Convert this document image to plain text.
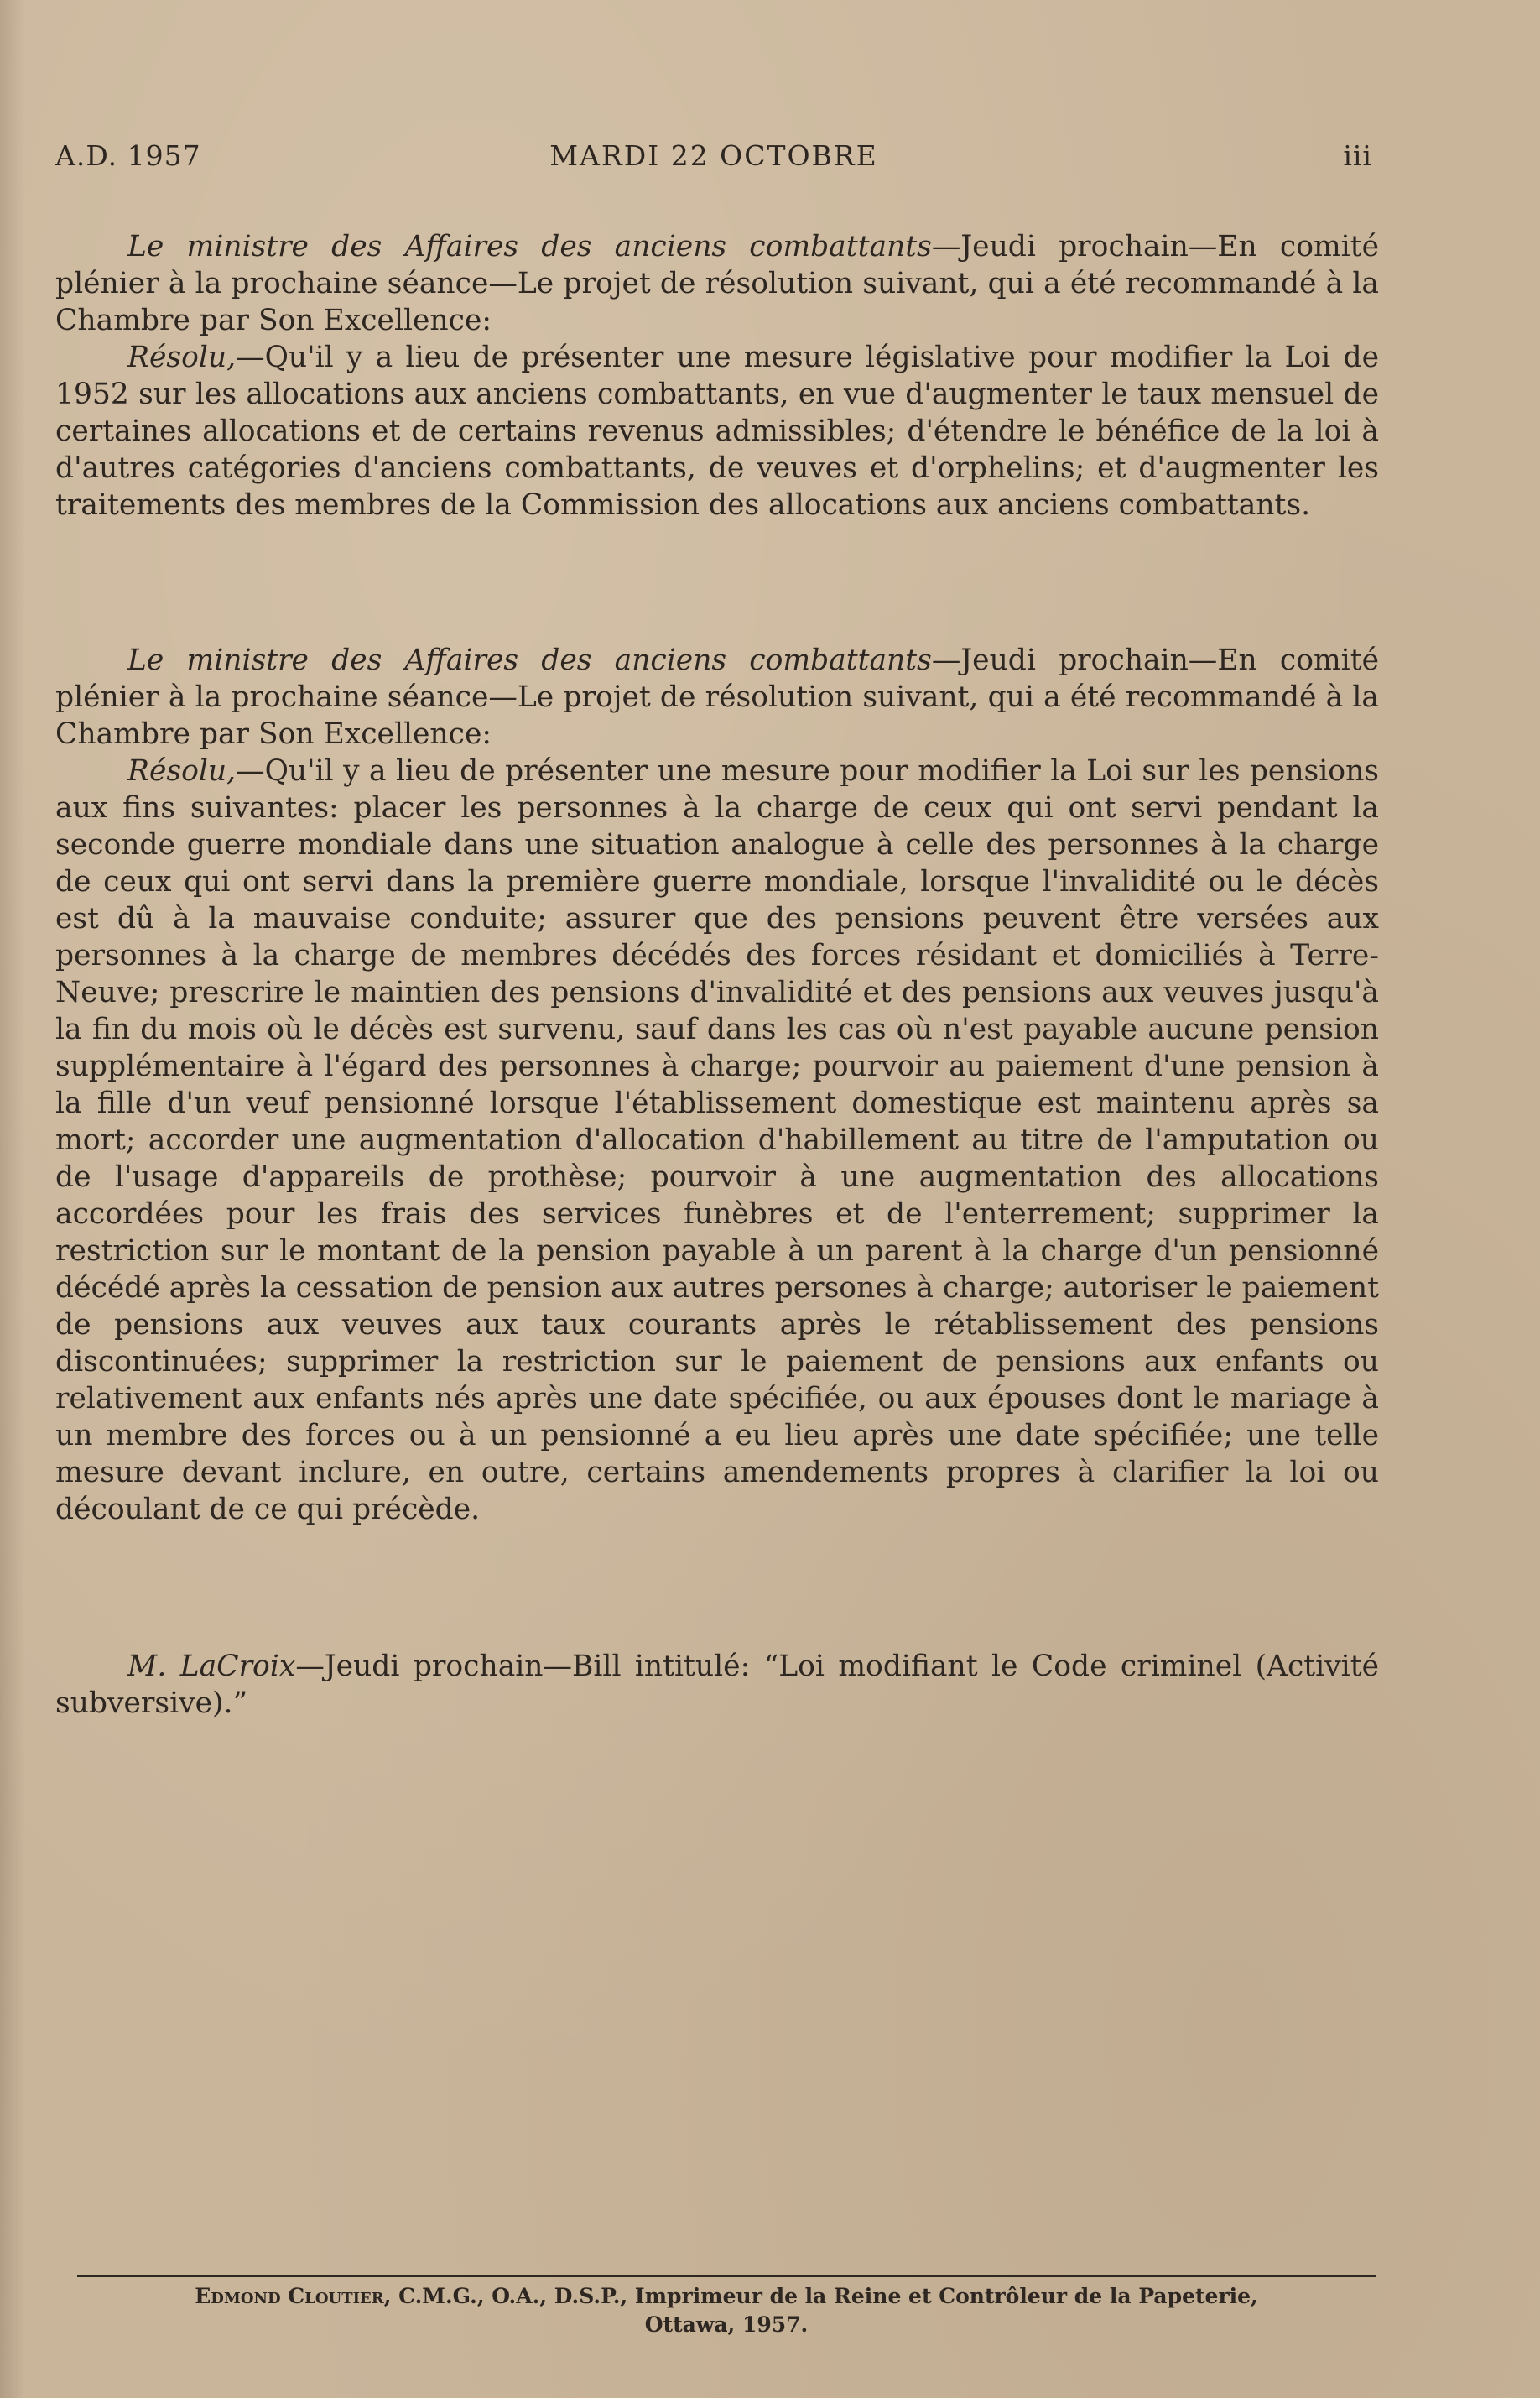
A.D. 1957	MARDI 22 OCTOBRE	iii

Le ministre des Affaires des anciens combattants—Jeudi prochain—En comité plénier à la prochaine séance—Le projet de résolution suivant, qui a été recommandé à la Chambre par Son Excellence:

Résolu,—Qu'il y a lieu de présenter une mesure législative pour modifier la Loi de 1952 sur les allocations aux anciens combattants, en vue d'augmenter le taux mensuel de certaines allocations et de certains revenus admissibles; d'étendre le bénéfice de la loi à d'autres catégories d'anciens combattants, de veuves et d'orphelins; et d'augmenter les traitements des membres de la Commission des allocations aux anciens combattants.

Le ministre des Affaires des anciens combattants—Jeudi prochain—En comité plénier à la prochaine séance—Le projet de résolution suivant, qui a été recommandé à la Chambre par Son Excellence:

Résolu,—Qu'il y a lieu de présenter une mesure pour modifier la Loi sur les pensions aux fins suivantes: placer les personnes à la charge de ceux qui ont servi pendant la seconde guerre mondiale dans une situation analogue à celle des personnes à la charge de ceux qui ont servi dans la première guerre mondiale, lorsque l'invalidité ou le décès est dû à la mauvaise conduite; assurer que des pensions peuvent être versées aux personnes à la charge de membres décédés des forces résidant et domiciliés à Terre-Neuve; prescrire le maintien des pensions d'invalidité et des pensions aux veuves jusqu'à la fin du mois où le décès est survenu, sauf dans les cas où n'est payable aucune pension supplémentaire à l'égard des personnes à charge; pourvoir au paiement d'une pension à la fille d'un veuf pensionné lorsque l'établissement domestique est maintenu après sa mort; accorder une augmentation d'allocation d'habillement au titre de l'amputation ou de l'usage d'appareils de prothèse; pourvoir à une augmentation des allocations accordées pour les frais des services funèbres et de l'enterrement; supprimer la restriction sur le montant de la pension payable à un parent à la charge d'un pensionné décédé après la cessation de pension aux autres persones à charge; autoriser le paiement de pensions aux veuves aux taux courants après le rétablissement des pensions discontinuées; supprimer la restriction sur le paiement de pensions aux enfants ou relativement aux enfants nés après une date spécifiée, ou aux épouses dont le mariage à un membre des forces ou à un pensionné a eu lieu après une date spécifiée; une telle mesure devant inclure, en outre, certains amendements propres à clarifier la loi ou découlant de ce qui précède.

M. LaCroix—Jeudi prochain—Bill intitulé: “Loi modifiant le Code criminel (Activité subversive).”

Edmond Cloutier, C.M.G., O.A., D.S.P., Imprimeur de la Reine et Contrôleur de la Papeterie,
Ottawa, 1957.
